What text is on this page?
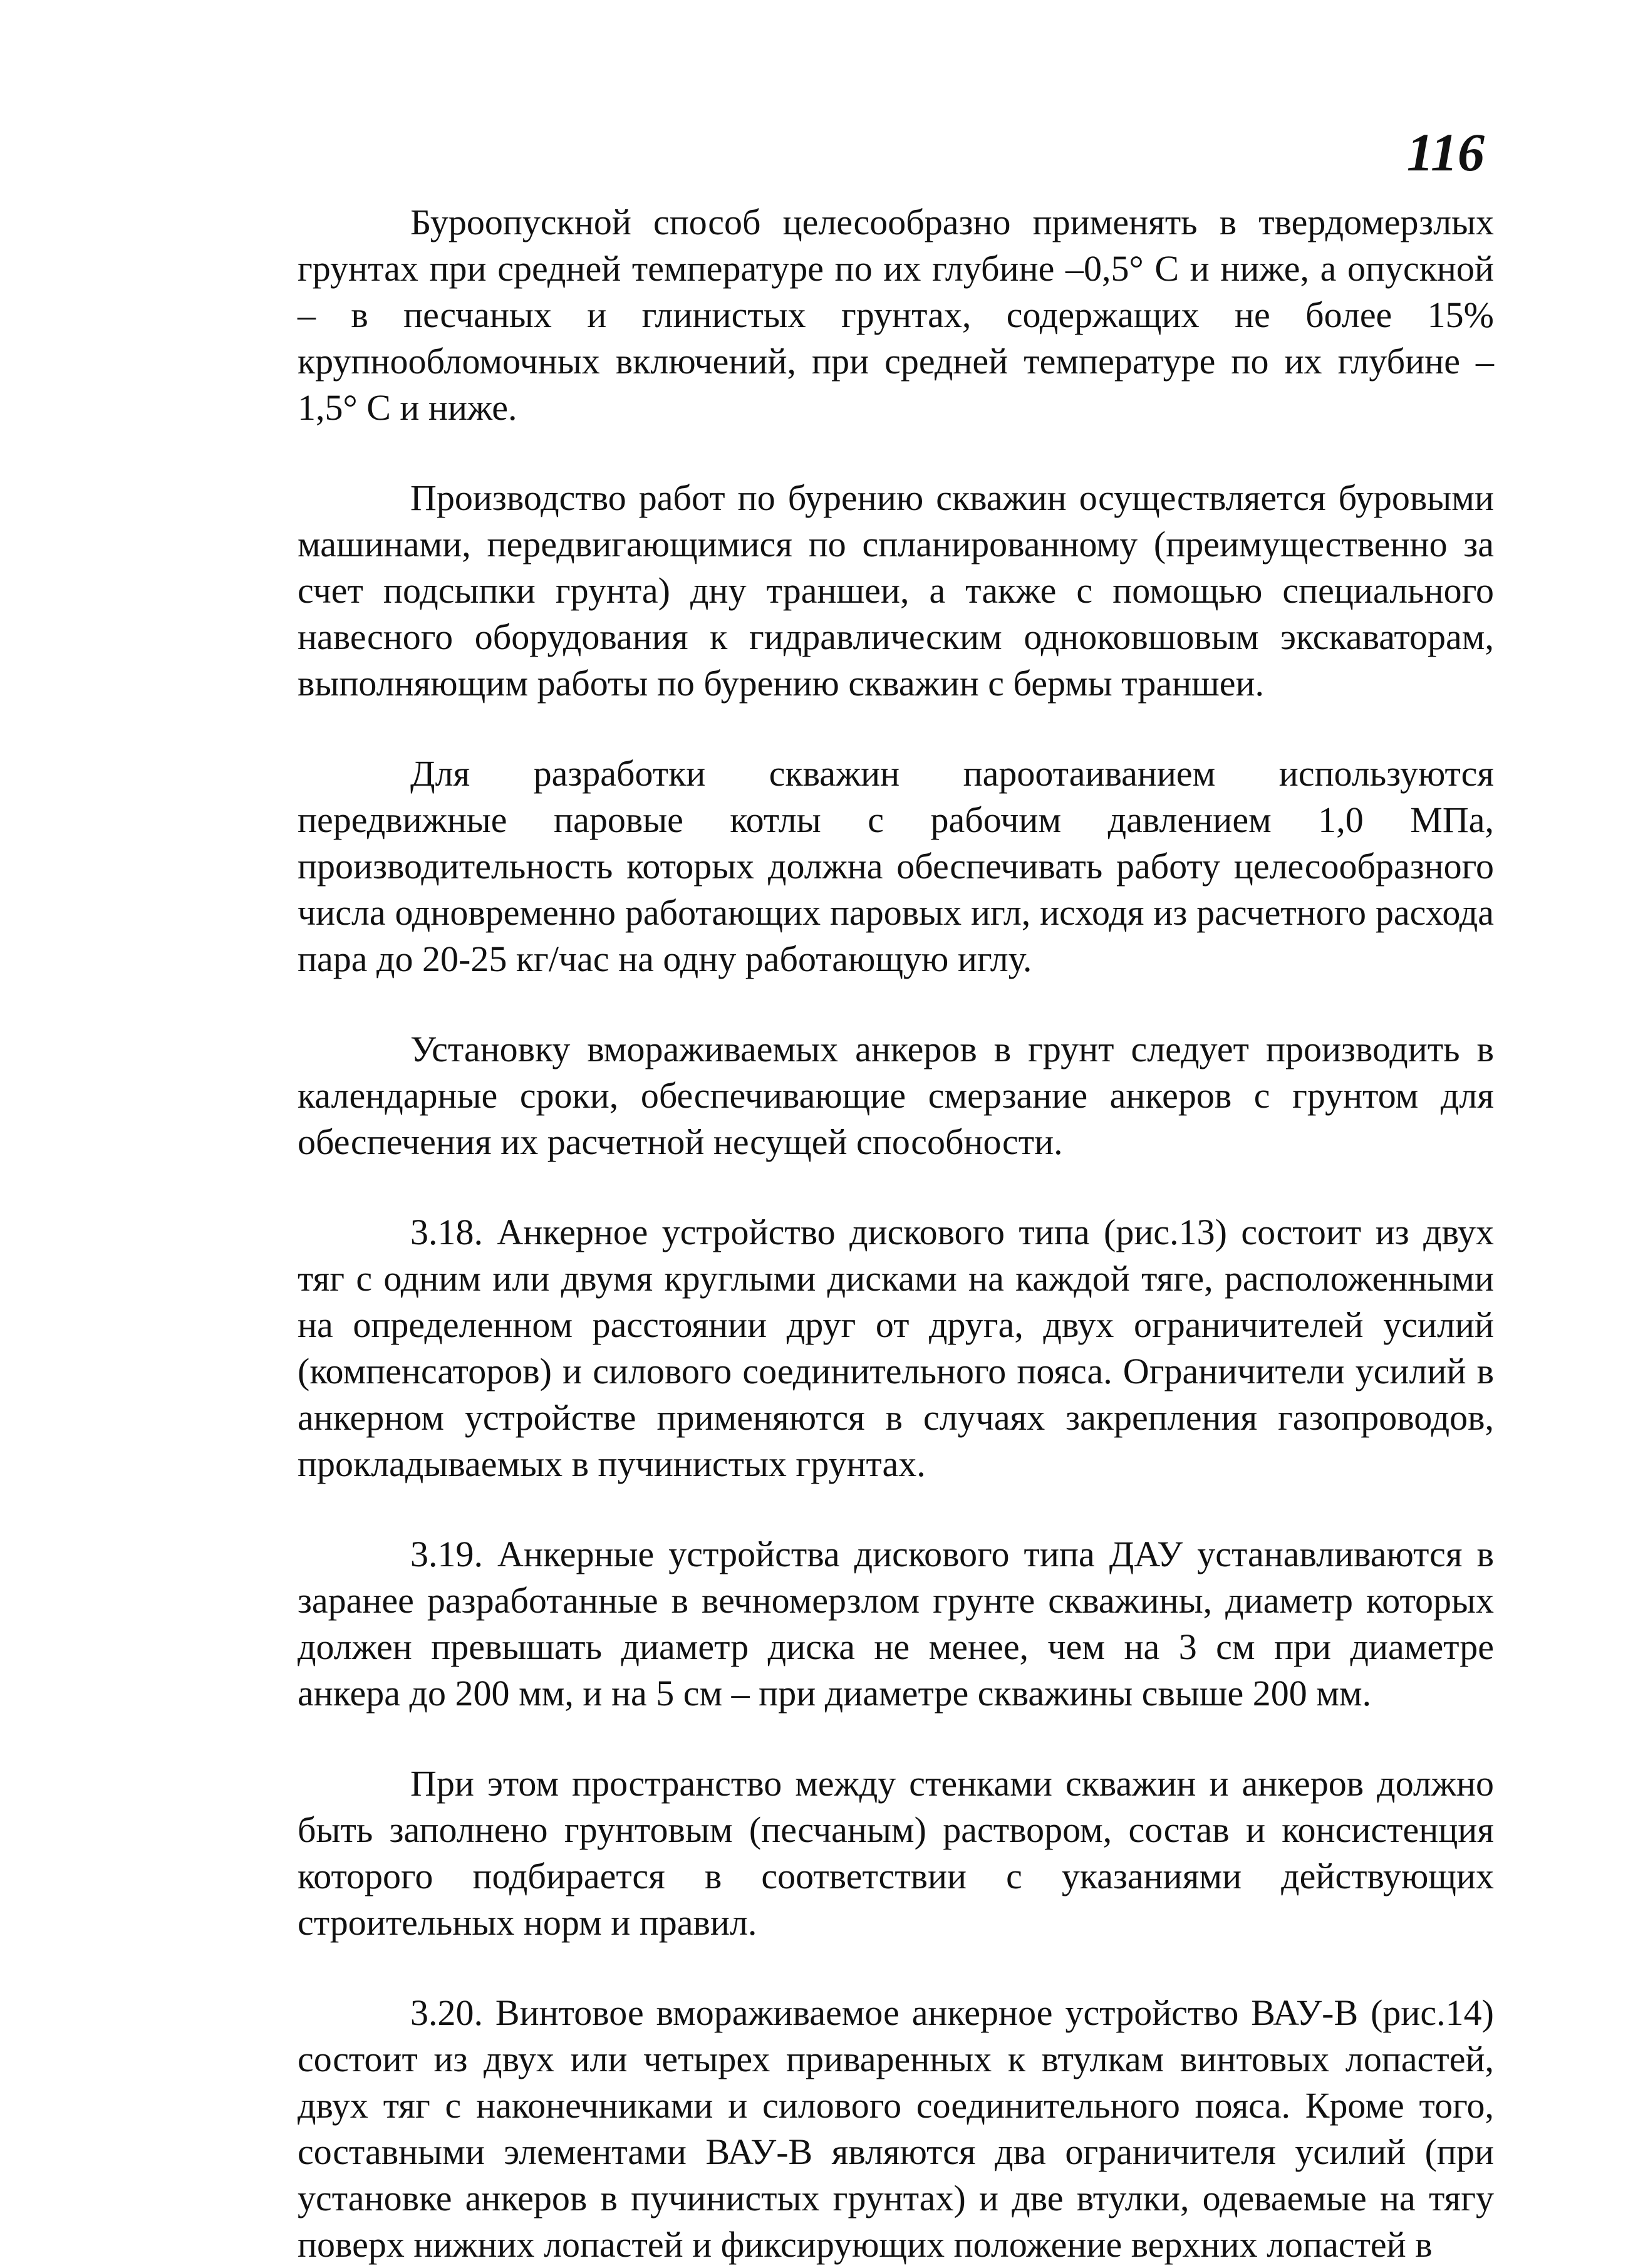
116

Буроопускной способ целесообразно применять в твердомерзлых грунтах при средней температуре по их глубине –0,5° С и ниже, а опускной – в песчаных и глинистых грунтах, содержащих не более 15% крупнообломочных включений, при средней температуре по их глубине –1,5° С и ниже.

Производство работ по бурению скважин осуществляется буровыми машинами, передвигающимися по спланированному (преимущественно за счет подсыпки грунта) дну траншеи, а также с помощью специального навесного оборудования к гидравлическим одноковшовым экскаваторам, выполняющим работы по бурению скважин с бермы траншеи.

Для разработки скважин пароотаиванием используются передвижные паровые котлы с рабочим давлением 1,0 МПа, производительность которых должна обеспечивать работу целесообразного числа одновременно работающих паровых игл, исходя из расчетного расхода пара до 20-25 кг/час на одну работающую иглу.

Установку вмораживаемых анкеров в грунт следует производить в календарные сроки, обеспечивающие смерзание анкеров с грунтом для обеспечения их расчетной несущей способности.

3.18. Анкерное устройство дискового типа (рис.13) состоит из двух тяг с одним или двумя круглыми дисками на каждой тяге, расположенными на определенном расстоянии друг от друга, двух ограничителей усилий (компенсаторов) и силового соединительного пояса. Ограничители усилий в анкерном устройстве применяются в случаях закрепления газопроводов, прокладываемых в пучинистых грунтах.

3.19. Анкерные устройства дискового типа ДАУ устанавливаются в заранее разработанные в вечномерзлом грунте скважины, диаметр которых должен превышать диаметр диска не менее, чем на 3 см при диаметре анкера до 200 мм, и на 5 см – при диаметре скважины свыше 200 мм.

При этом пространство между стенками скважин и анкеров должно быть заполнено грунтовым (песчаным) раствором, состав и консистенция которого подбирается в соответствии с указаниями действующих строительных норм и правил.

3.20. Винтовое вмораживаемое анкерное устройство ВАУ-В (рис.14) состоит из двух или четырех приваренных к втулкам винтовых лопастей, двух тяг с наконечниками и силового соединительного пояса. Кроме того, составными элементами ВАУ-В являются два ограничителя усилий (при установке анкеров в пучинистых грунтах) и две втулки, одеваемые на тягу поверх нижних лопастей и фиксирующих положение верхних лопастей в
